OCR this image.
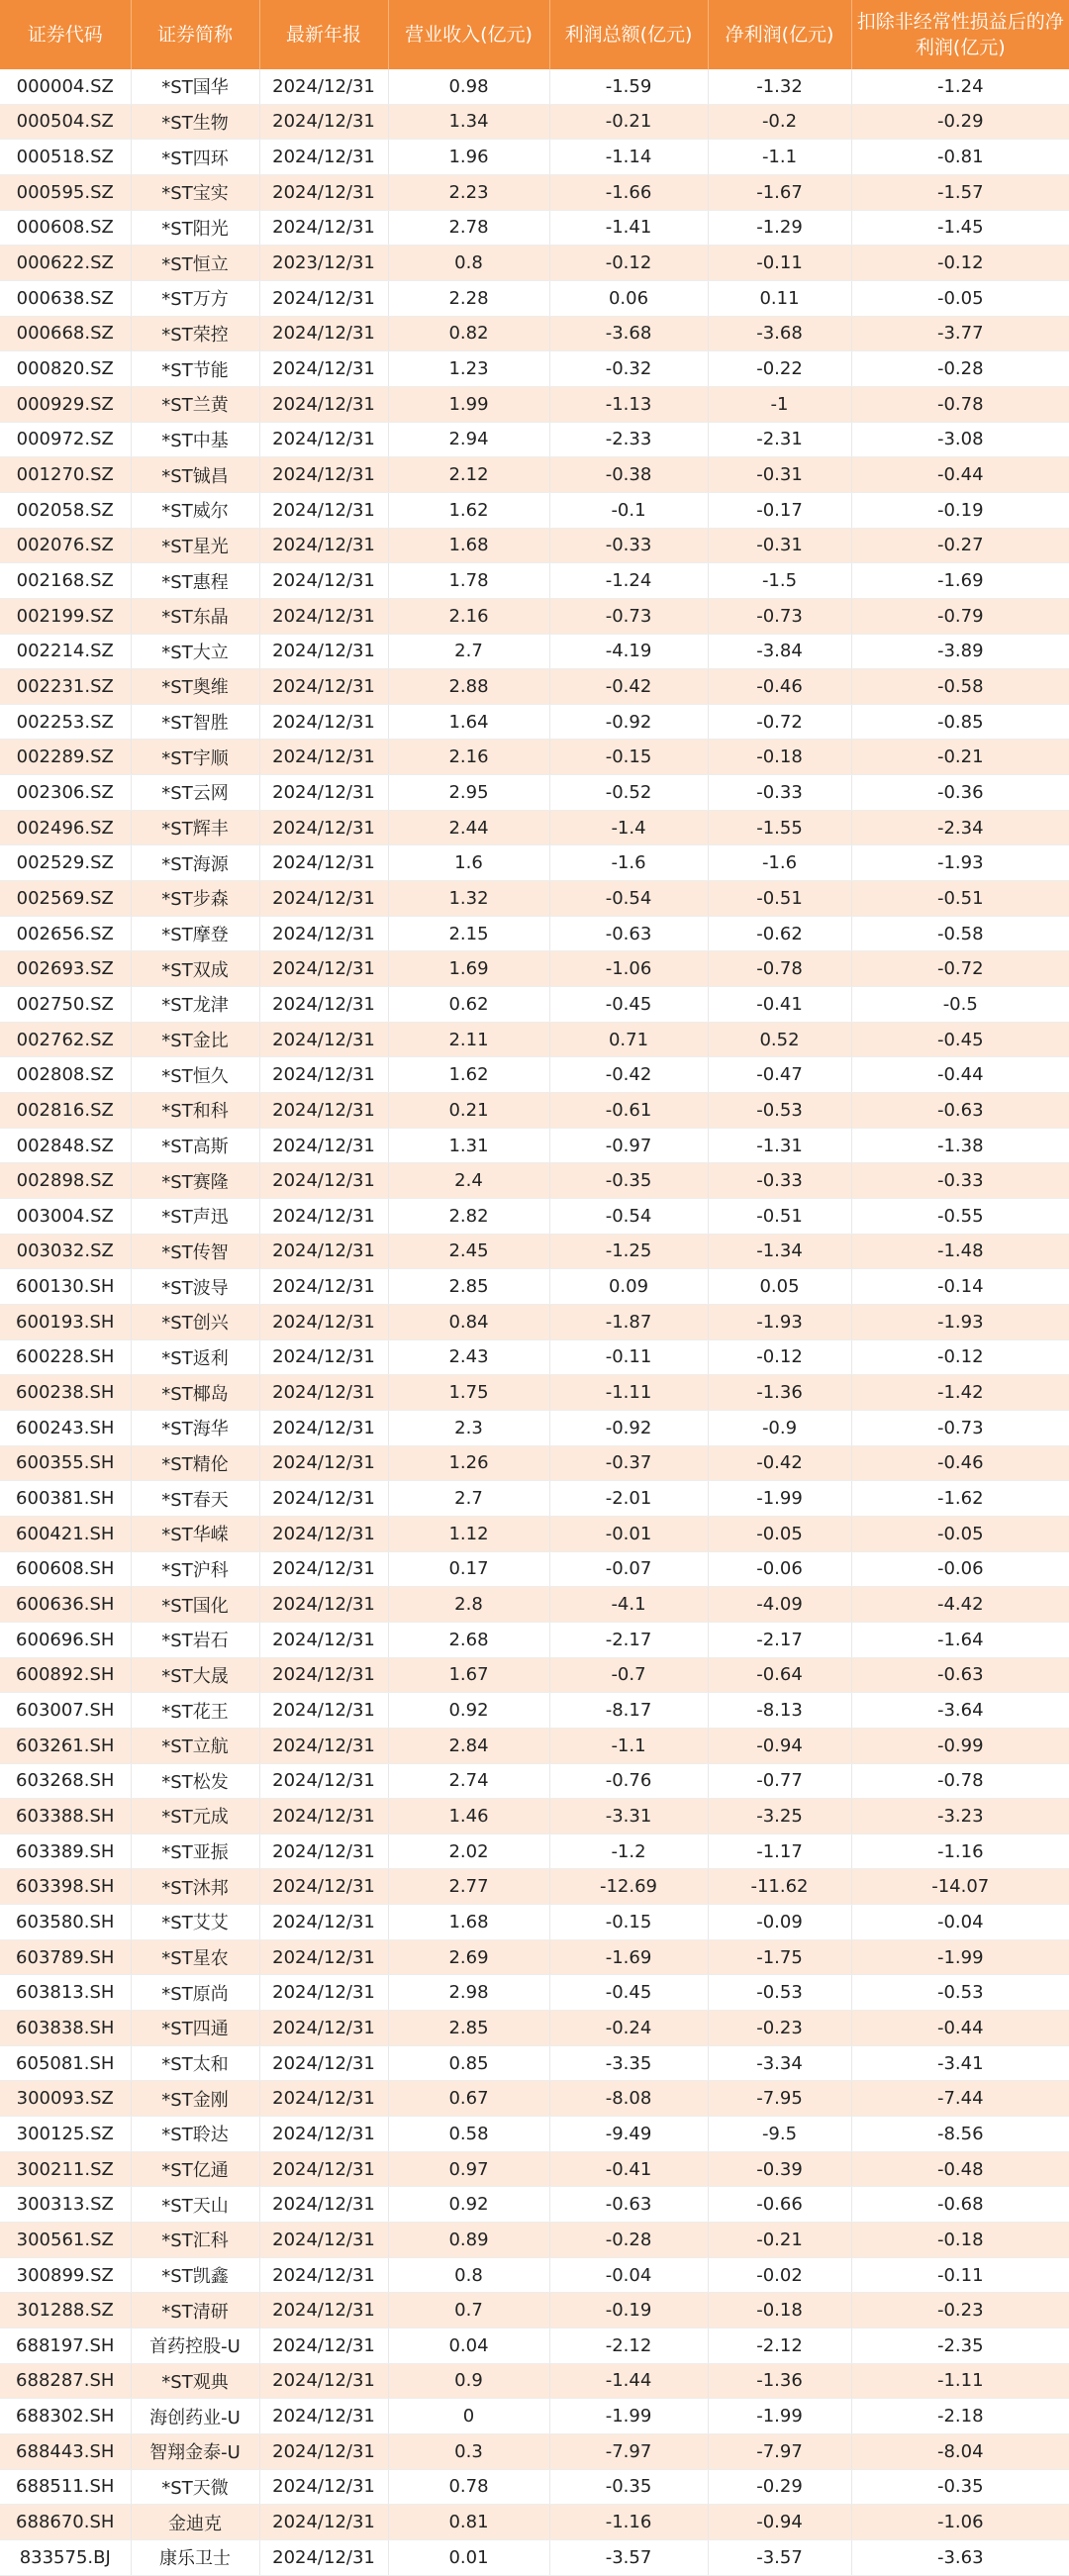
证券代码	证券简称	最新年报	营业收入(亿元)	利润总额(亿元)	净利润(亿元)	扣除非经常性损益后的净利润(亿元)
000004.SZ	*ST国华	2024/12/31	0.98	-1.59	-1.32	-1.24
000504.SZ	*ST生物	2024/12/31	1.34	-0.21	-0.2	-0.29
000518.SZ	*ST四环	2024/12/31	1.96	-1.14	-1.1	-0.81
000595.SZ	*ST宝实	2024/12/31	2.23	-1.66	-1.67	-1.57
000608.SZ	*ST阳光	2024/12/31	2.78	-1.41	-1.29	-1.45
000622.SZ	*ST恒立	2023/12/31	0.8	-0.12	-0.11	-0.12
000638.SZ	*ST万方	2024/12/31	2.28	0.06	0.11	-0.05
000668.SZ	*ST荣控	2024/12/31	0.82	-3.68	-3.68	-3.77
000820.SZ	*ST节能	2024/12/31	1.23	-0.32	-0.22	-0.28
000929.SZ	*ST兰黄	2024/12/31	1.99	-1.13	-1	-0.78
000972.SZ	*ST中基	2024/12/31	2.94	-2.33	-2.31	-3.08
001270.SZ	*ST铖昌	2024/12/31	2.12	-0.38	-0.31	-0.44
002058.SZ	*ST威尔	2024/12/31	1.62	-0.1	-0.17	-0.19
002076.SZ	*ST星光	2024/12/31	1.68	-0.33	-0.31	-0.27
002168.SZ	*ST惠程	2024/12/31	1.78	-1.24	-1.5	-1.69
002199.SZ	*ST东晶	2024/12/31	2.16	-0.73	-0.73	-0.79
002214.SZ	*ST大立	2024/12/31	2.7	-4.19	-3.84	-3.89
002231.SZ	*ST奥维	2024/12/31	2.88	-0.42	-0.46	-0.58
002253.SZ	*ST智胜	2024/12/31	1.64	-0.92	-0.72	-0.85
002289.SZ	*ST宇顺	2024/12/31	2.16	-0.15	-0.18	-0.21
002306.SZ	*ST云网	2024/12/31	2.95	-0.52	-0.33	-0.36
002496.SZ	*ST辉丰	2024/12/31	2.44	-1.4	-1.55	-2.34
002529.SZ	*ST海源	2024/12/31	1.6	-1.6	-1.6	-1.93
002569.SZ	*ST步森	2024/12/31	1.32	-0.54	-0.51	-0.51
002656.SZ	*ST摩登	2024/12/31	2.15	-0.63	-0.62	-0.58
002693.SZ	*ST双成	2024/12/31	1.69	-1.06	-0.78	-0.72
002750.SZ	*ST龙津	2024/12/31	0.62	-0.45	-0.41	-0.5
002762.SZ	*ST金比	2024/12/31	2.11	0.71	0.52	-0.45
002808.SZ	*ST恒久	2024/12/31	1.62	-0.42	-0.47	-0.44
002816.SZ	*ST和科	2024/12/31	0.21	-0.61	-0.53	-0.63
002848.SZ	*ST高斯	2024/12/31	1.31	-0.97	-1.31	-1.38
002898.SZ	*ST赛隆	2024/12/31	2.4	-0.35	-0.33	-0.33
003004.SZ	*ST声迅	2024/12/31	2.82	-0.54	-0.51	-0.55
003032.SZ	*ST传智	2024/12/31	2.45	-1.25	-1.34	-1.48
600130.SH	*ST波导	2024/12/31	2.85	0.09	0.05	-0.14
600193.SH	*ST创兴	2024/12/31	0.84	-1.87	-1.93	-1.93
600228.SH	*ST返利	2024/12/31	2.43	-0.11	-0.12	-0.12
600238.SH	*ST椰岛	2024/12/31	1.75	-1.11	-1.36	-1.42
600243.SH	*ST海华	2024/12/31	2.3	-0.92	-0.9	-0.73
600355.SH	*ST精伦	2024/12/31	1.26	-0.37	-0.42	-0.46
600381.SH	*ST春天	2024/12/31	2.7	-2.01	-1.99	-1.62
600421.SH	*ST华嵘	2024/12/31	1.12	-0.01	-0.05	-0.05
600608.SH	*ST沪科	2024/12/31	0.17	-0.07	-0.06	-0.06
600636.SH	*ST国化	2024/12/31	2.8	-4.1	-4.09	-4.42
600696.SH	*ST岩石	2024/12/31	2.68	-2.17	-2.17	-1.64
600892.SH	*ST大晟	2024/12/31	1.67	-0.7	-0.64	-0.63
603007.SH	*ST花王	2024/12/31	0.92	-8.17	-8.13	-3.64
603261.SH	*ST立航	2024/12/31	2.84	-1.1	-0.94	-0.99
603268.SH	*ST松发	2024/12/31	2.74	-0.76	-0.77	-0.78
603388.SH	*ST元成	2024/12/31	1.46	-3.31	-3.25	-3.23
603389.SH	*ST亚振	2024/12/31	2.02	-1.2	-1.17	-1.16
603398.SH	*ST沐邦	2024/12/31	2.77	-12.69	-11.62	-14.07
603580.SH	*ST艾艾	2024/12/31	1.68	-0.15	-0.09	-0.04
603789.SH	*ST星农	2024/12/31	2.69	-1.69	-1.75	-1.99
603813.SH	*ST原尚	2024/12/31	2.98	-0.45	-0.53	-0.53
603838.SH	*ST四通	2024/12/31	2.85	-0.24	-0.23	-0.44
605081.SH	*ST太和	2024/12/31	0.85	-3.35	-3.34	-3.41
300093.SZ	*ST金刚	2024/12/31	0.67	-8.08	-7.95	-7.44
300125.SZ	*ST聆达	2024/12/31	0.58	-9.49	-9.5	-8.56
300211.SZ	*ST亿通	2024/12/31	0.97	-0.41	-0.39	-0.48
300313.SZ	*ST天山	2024/12/31	0.92	-0.63	-0.66	-0.68
300561.SZ	*ST汇科	2024/12/31	0.89	-0.28	-0.21	-0.18
300899.SZ	*ST凯鑫	2024/12/31	0.8	-0.04	-0.02	-0.11
301288.SZ	*ST清研	2024/12/31	0.7	-0.19	-0.18	-0.23
688197.SH	首药控股-U	2024/12/31	0.04	-2.12	-2.12	-2.35
688287.SH	*ST观典	2024/12/31	0.9	-1.44	-1.36	-1.11
688302.SH	海创药业-U	2024/12/31	0	-1.99	-1.99	-2.18
688443.SH	智翔金泰-U	2024/12/31	0.3	-7.97	-7.97	-8.04
688511.SH	*ST天微	2024/12/31	0.78	-0.35	-0.29	-0.35
688670.SH	金迪克	2024/12/31	0.81	-1.16	-0.94	-1.06
833575.BJ	康乐卫士	2024/12/31	0.01	-3.57	-3.57	-3.63
